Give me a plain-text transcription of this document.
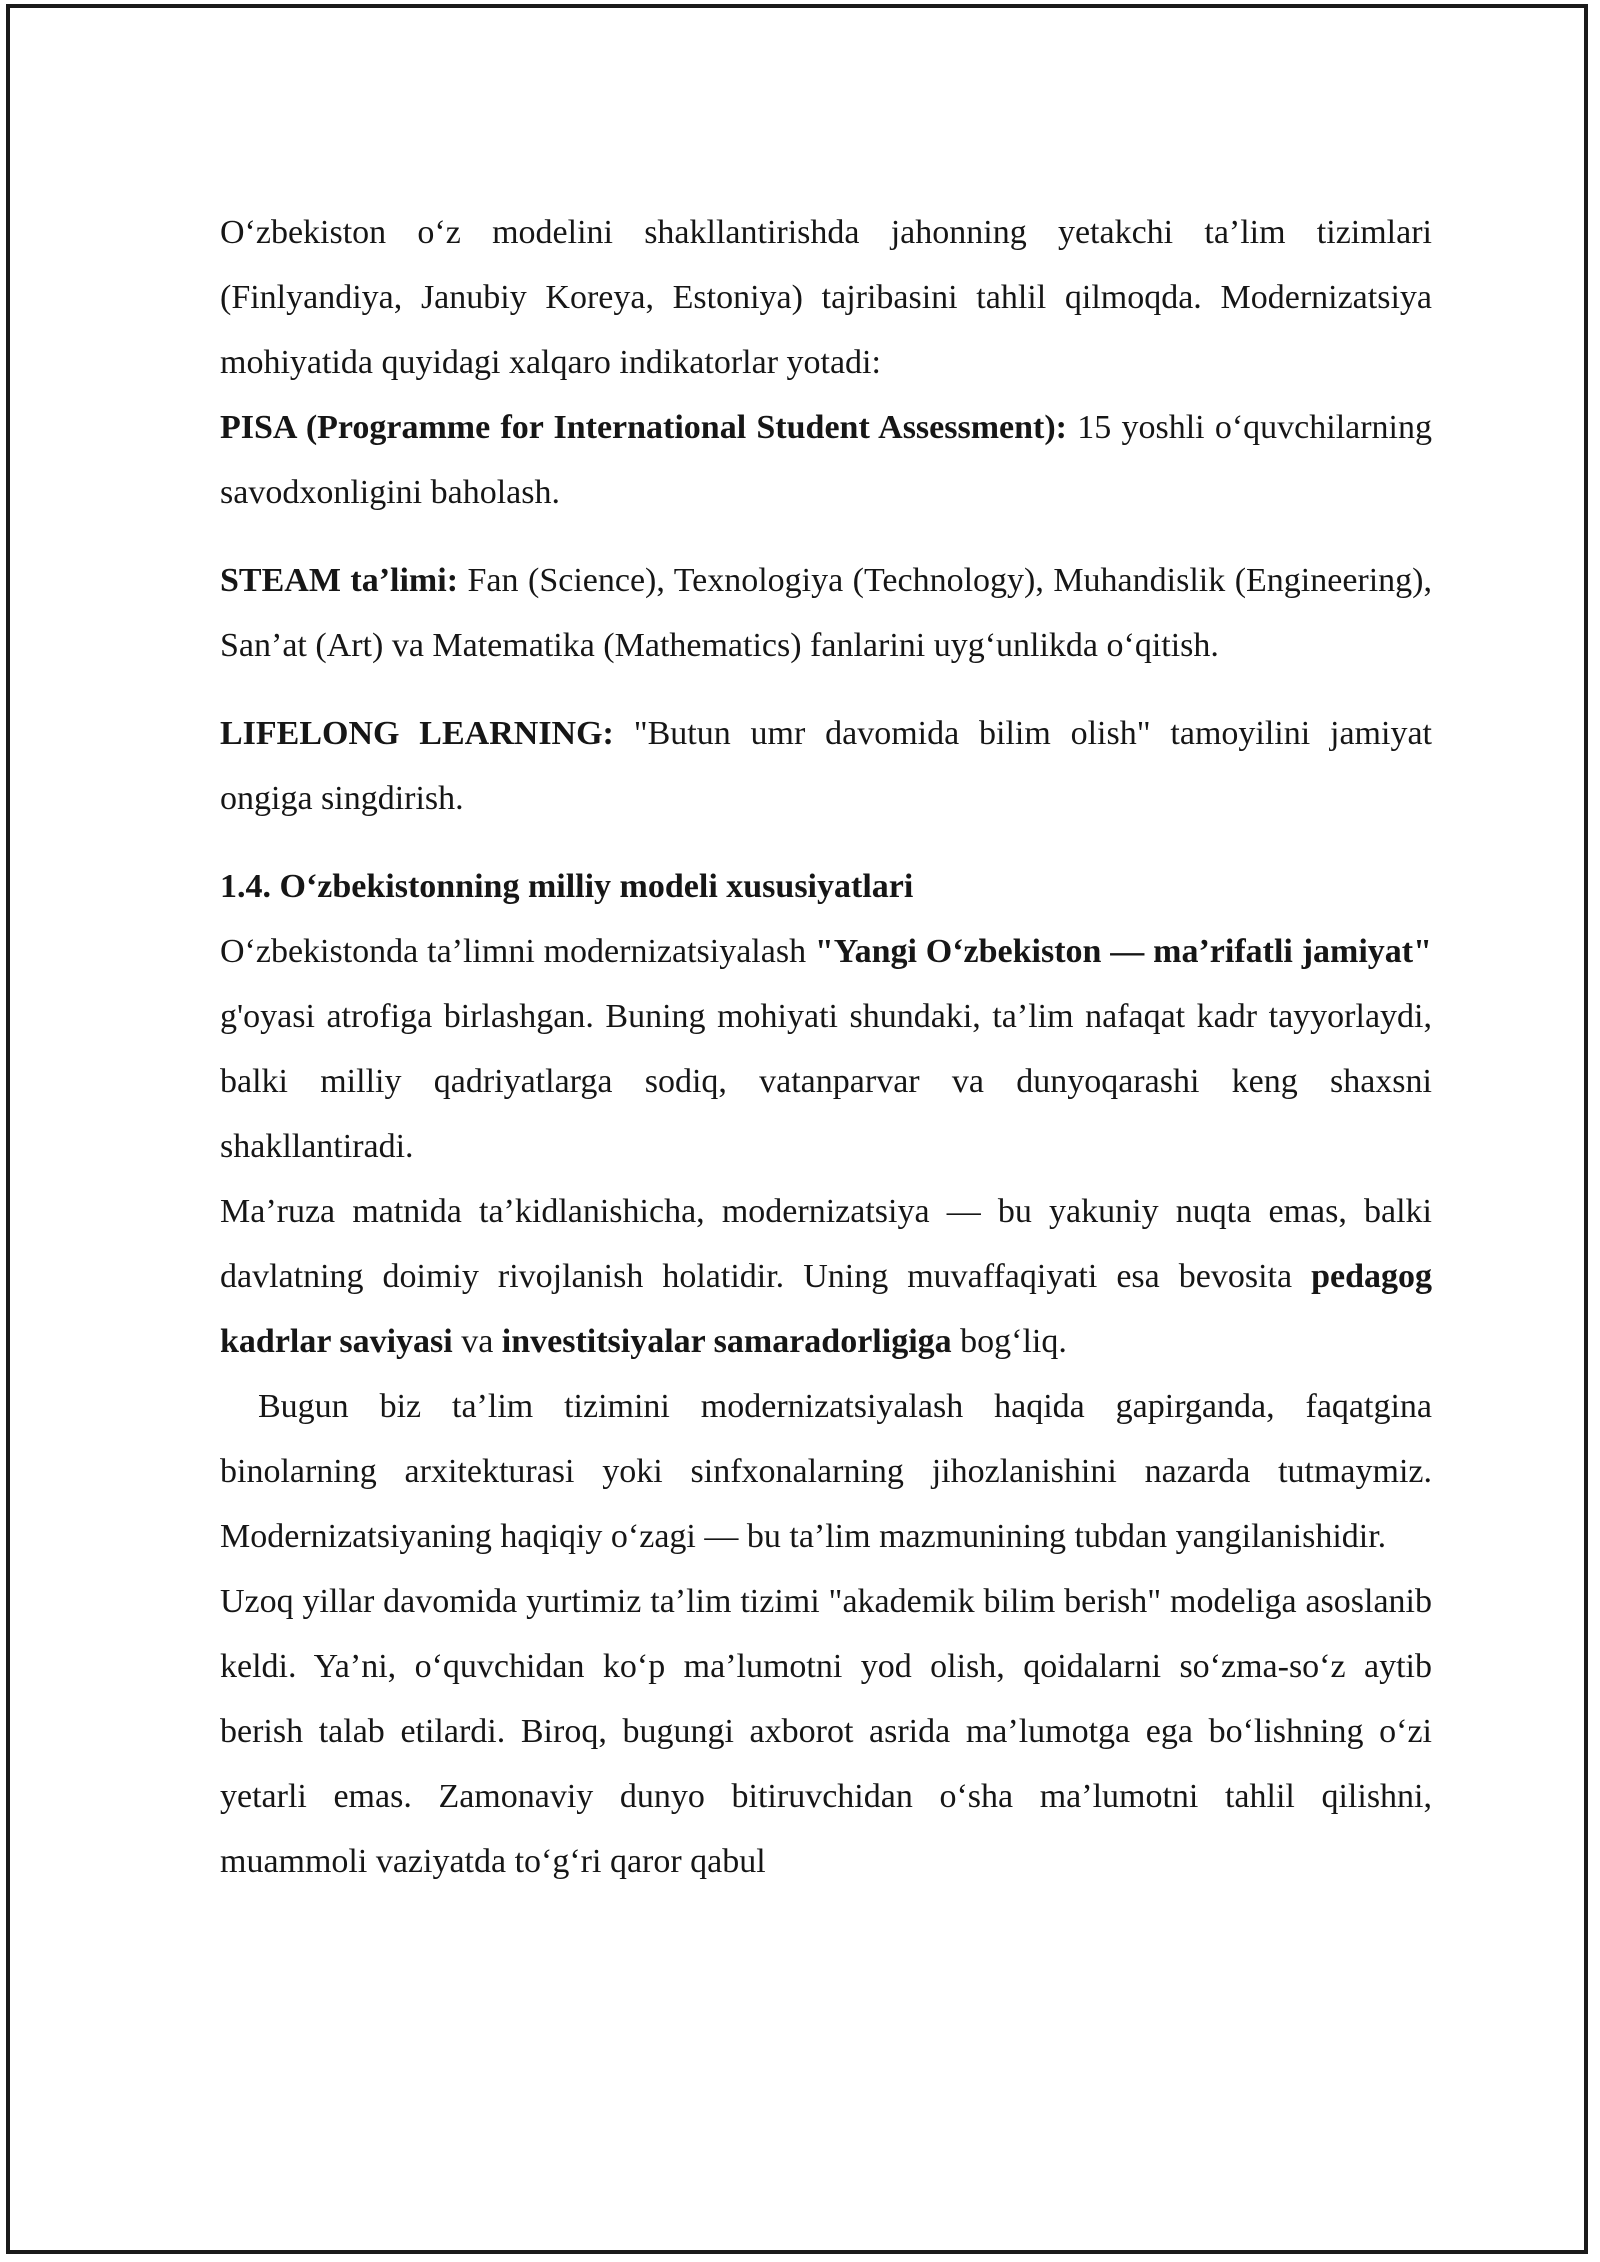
O‘zbekiston o‘z modelini shakllantirishda jahonning yetakchi ta’lim tizimlari (Finlyandiya, Janubiy Koreya, Estoniya) tajribasini tahlil qilmoqda. Modernizatsiya mohiyatida quyidagi xalqaro indikatorlar yotadi:

PISA (Programme for International Student Assessment): 15 yoshli o‘quvchilarning savodxonligini baholash.

STEAM ta’limi: Fan (Science), Texnologiya (Technology), Muhandislik (Engineering), San’at (Art) va Matematika (Mathematics) fanlarini uyg‘unlikda o‘qitish.

LIFELONG LEARNING: "Butun umr davomida bilim olish" tamoyilini jamiyat ongiga singdirish.

1.4. O‘zbekistonning milliy modeli xususiyatlari

O‘zbekistonda ta’limni modernizatsiyalash "Yangi O‘zbekiston — ma’rifatli jamiyat" g'oyasi atrofiga birlashgan. Buning mohiyati shundaki, ta’lim nafaqat kadr tayyorlaydi, balki milliy qadriyatlarga sodiq, vatanparvar va dunyoqarashi keng shaxsni shakllantiradi.

Ma’ruza matnida ta’kidlanishicha, modernizatsiya — bu yakuniy nuqta emas, balki davlatning doimiy rivojlanish holatidir. Uning muvaffaqiyati esa bevosita pedagog kadrlar saviyasi va investitsiyalar samaradorligiga bog‘liq.

Bugun biz ta’lim tizimini modernizatsiyalash haqida gapirganda, faqatgina binolarning arxitekturasi yoki sinfxonalarning jihozlanishini nazarda tutmaymiz. Modernizatsiyaning haqiqiy o‘zagi — bu ta’lim mazmunining tubdan yangilanishidir.

Uzoq yillar davomida yurtimiz ta’lim tizimi "akademik bilim berish" modeliga asoslanib keldi. Ya’ni, o‘quvchidan ko‘p ma’lumotni yod olish, qoidalarni so‘zma-so‘z aytib berish talab etilardi. Biroq, bugungi axborot asrida ma’lumotga ega bo‘lishning o‘zi yetarli emas. Zamonaviy dunyo bitiruvchidan o‘sha ma’lumotni tahlil qilishni, muammoli vaziyatda to‘g‘ri qaror qabul
